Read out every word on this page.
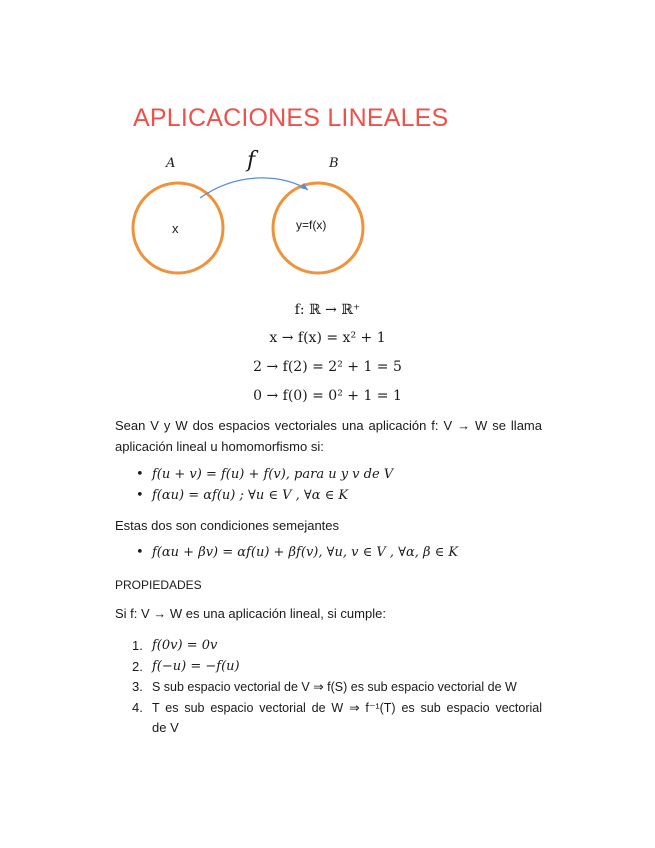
APLICACIONES LINEALES
A	B
f
x	y=f(x)
f: ℝ → ℝ⁺
x → f(x) = x² + 1
2 → f(2) = 2² + 1 = 5
0 → f(0) = 0² + 1 = 1
Sean V y W dos espacios vectoriales una aplicación f: V → W se llama
aplicación lineal u homomorfismo si:
• f(u + v) = f(u) + f(v), para u y v de V
• f(αu) = αf(u) ; ∀u ∈ V , ∀α ∈ K
Estas dos son condiciones semejantes
• f(αu + βv) = αf(u) + βf(v), ∀u, v ∈ V , ∀α, β ∈ K
PROPIEDADES
Si f: V → W es una aplicación lineal, si cumple:
1. f(0v) = 0v
2. f(−u) = −f(u)
3. S sub espacio vectorial de V ⇒ f(S) es sub espacio vectorial de W
4. T es sub espacio vectorial de W ⇒ f⁻¹(T) es sub espacio vectorial
de V
